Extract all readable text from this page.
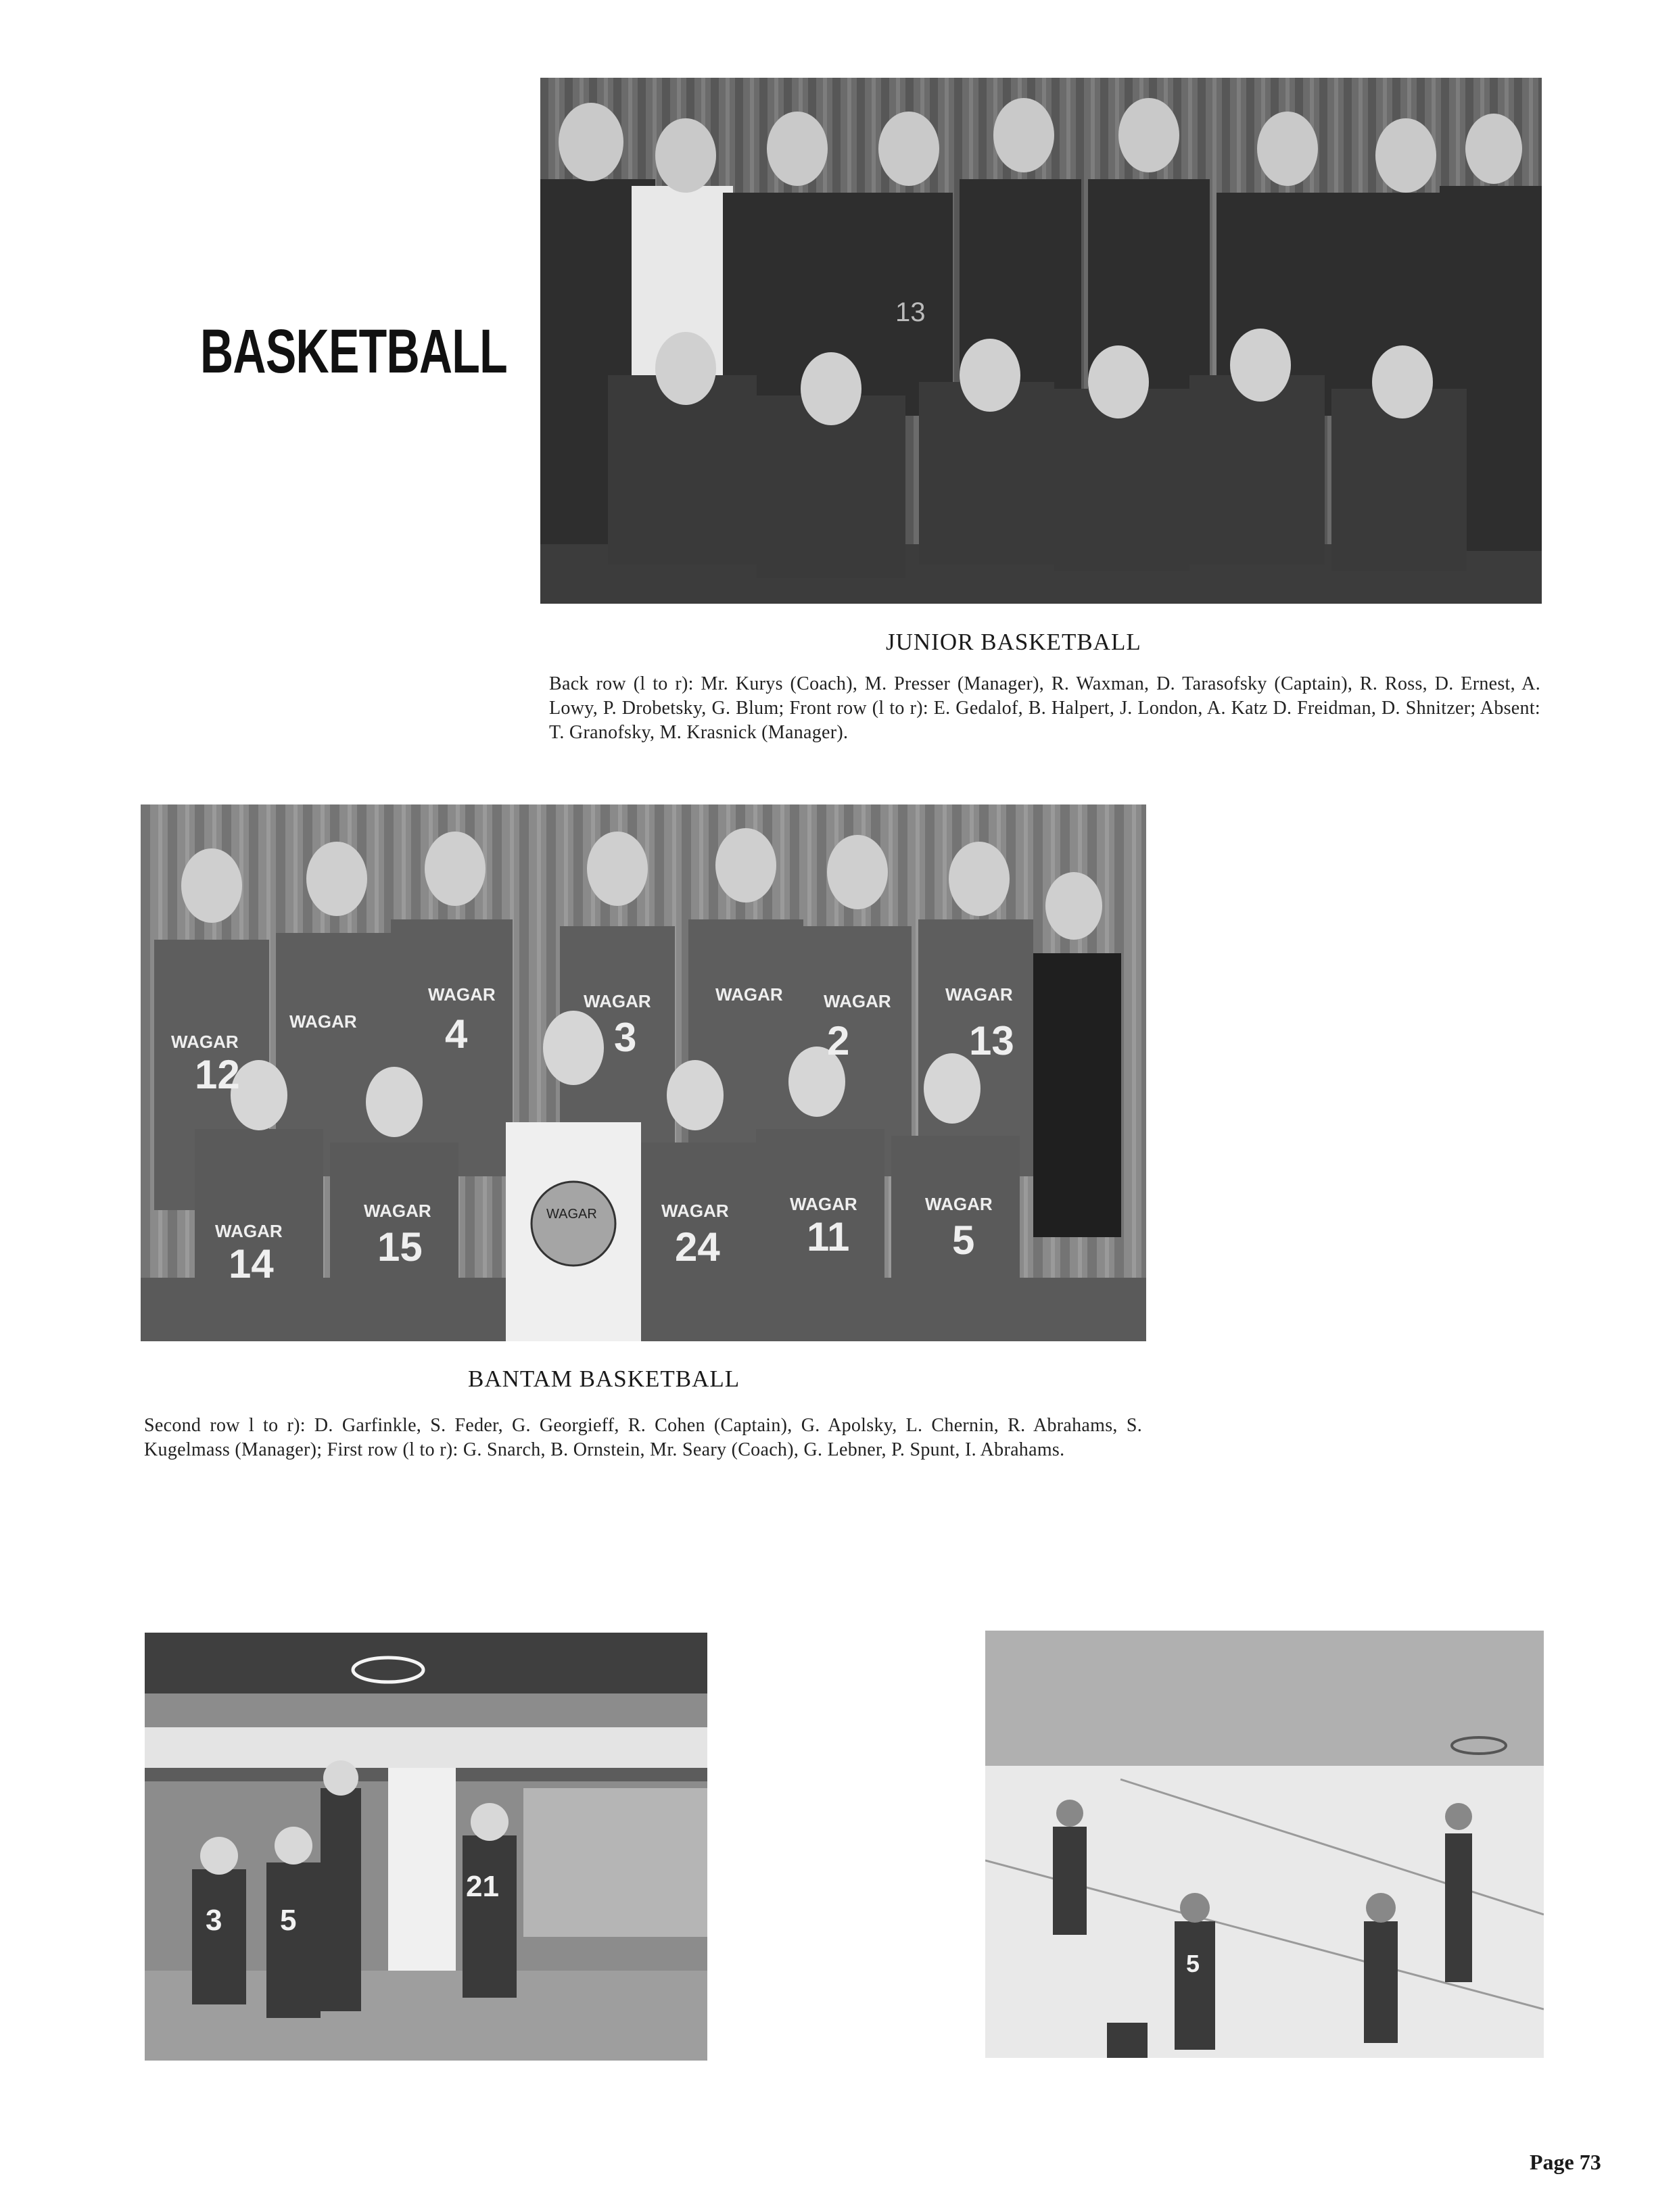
BASKETBALL
13
JUNIOR BASKETBALL
Back row (l to r): Mr. Kurys (Coach), M. Presser (Manager), R. Waxman, D. Tarasofsky (Captain), R. Ross, D. Ernest, A. Lowy, P. Drobetsky, G. Blum; Front row (l to r): E. Gedalof, B. Halpert, J. London, A. Katz D. Freidman, D. Shnitzer; Absent: T. Granofsky, M. Krasnick (Manager).
WAGAR
WAGAR
WAGAR
WAGAR	WAGAR	WAGAR WAGAR	WAGAR
WAGAR
WAGAR	WAGAR	WAGAR	WAGAR
12
4	3	2	13
14	15	24 11	5
BANTAM BASKETBALL
Second row l to r): D. Garfinkle, S. Feder, G. Georgieff, R. Cohen (Captain), G. Apolsky, L. Chernin, R. Abrahams, S. Kugelmass (Manager); First row (l to r): G. Snarch, B. Ornstein, Mr. Seary (Coach), G. Lebner, P. Spunt, I. Abrahams.
3 5
21
5
Page 73
